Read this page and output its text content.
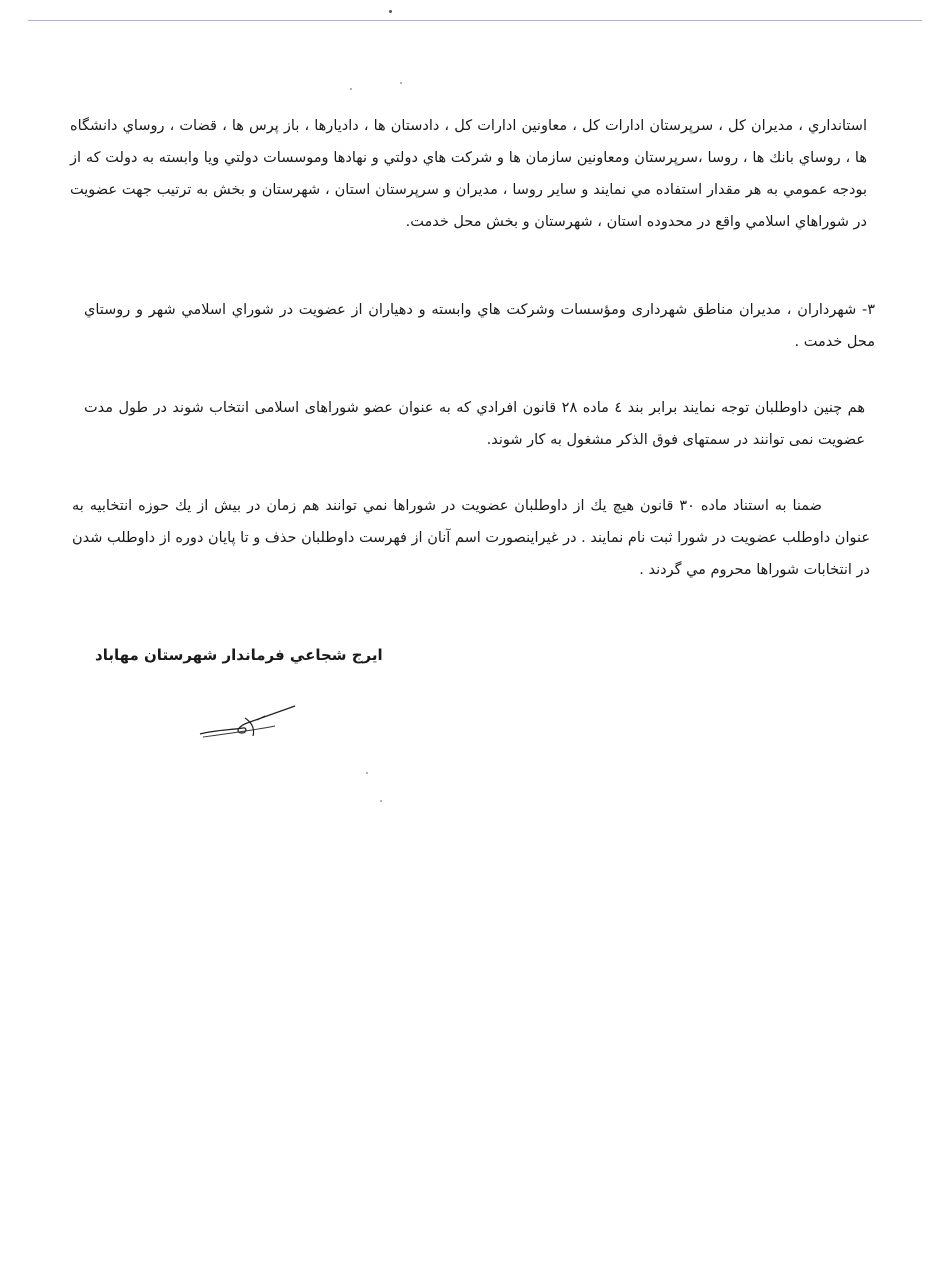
استانداري ، مديران كل ، سرپرستان ادارات كل ، معاونين ادارات كل ، دادستان ها ، داديارها ، باز پرس ها ، قضات ، روساي دانشگاه ها ، روساي بانك ها ، روسا ،سرپرستان ومعاونين سازمان ها و شركت هاي دولتي و نهادها وموسسات دولتي ويا وابسته به دولت كه از بودجه عمومي به هر مقدار استفاده مي نمايند و ساير روسا ، مديران و سرپرستان استان ، شهرستان و بخش به ترتيب جهت عضويت در شوراهاي اسلامي واقع در محدوده استان ، شهرستان و بخش محل خدمت.

۳- شهرداران ، مديران مناطق شهرداری ومؤسسات وشرکت هاي وابسته و دهياران از عضويت در شوراي اسلامي شهر و روستاي محل خدمت .

هم چنين داوطلبان توجه نمايند برابر بند ٤ ماده ٢٨ قانون افرادي كه به عنوان عضو شوراهای اسلامی انتخاب شوند در طول مدت عضويت نمی توانند در سمتهای فوق الذکر مشغول به کار شوند.

ضمنا به استناد ماده ٣٠ قانون هيچ يك از داوطلبان عضويت در شوراها نمي توانند هم زمان در بيش از يك حوزه انتخابيه به عنوان داوطلب عضويت در شورا ثبت نام نمايند . در غيراينصورت اسم آنان از فهرست داوطلبان حذف و تا پايان دوره از داوطلب شدن در انتخابات شوراها محروم مي گردند .

ايرج شجاعي فرماندار شهرستان مهاباد
